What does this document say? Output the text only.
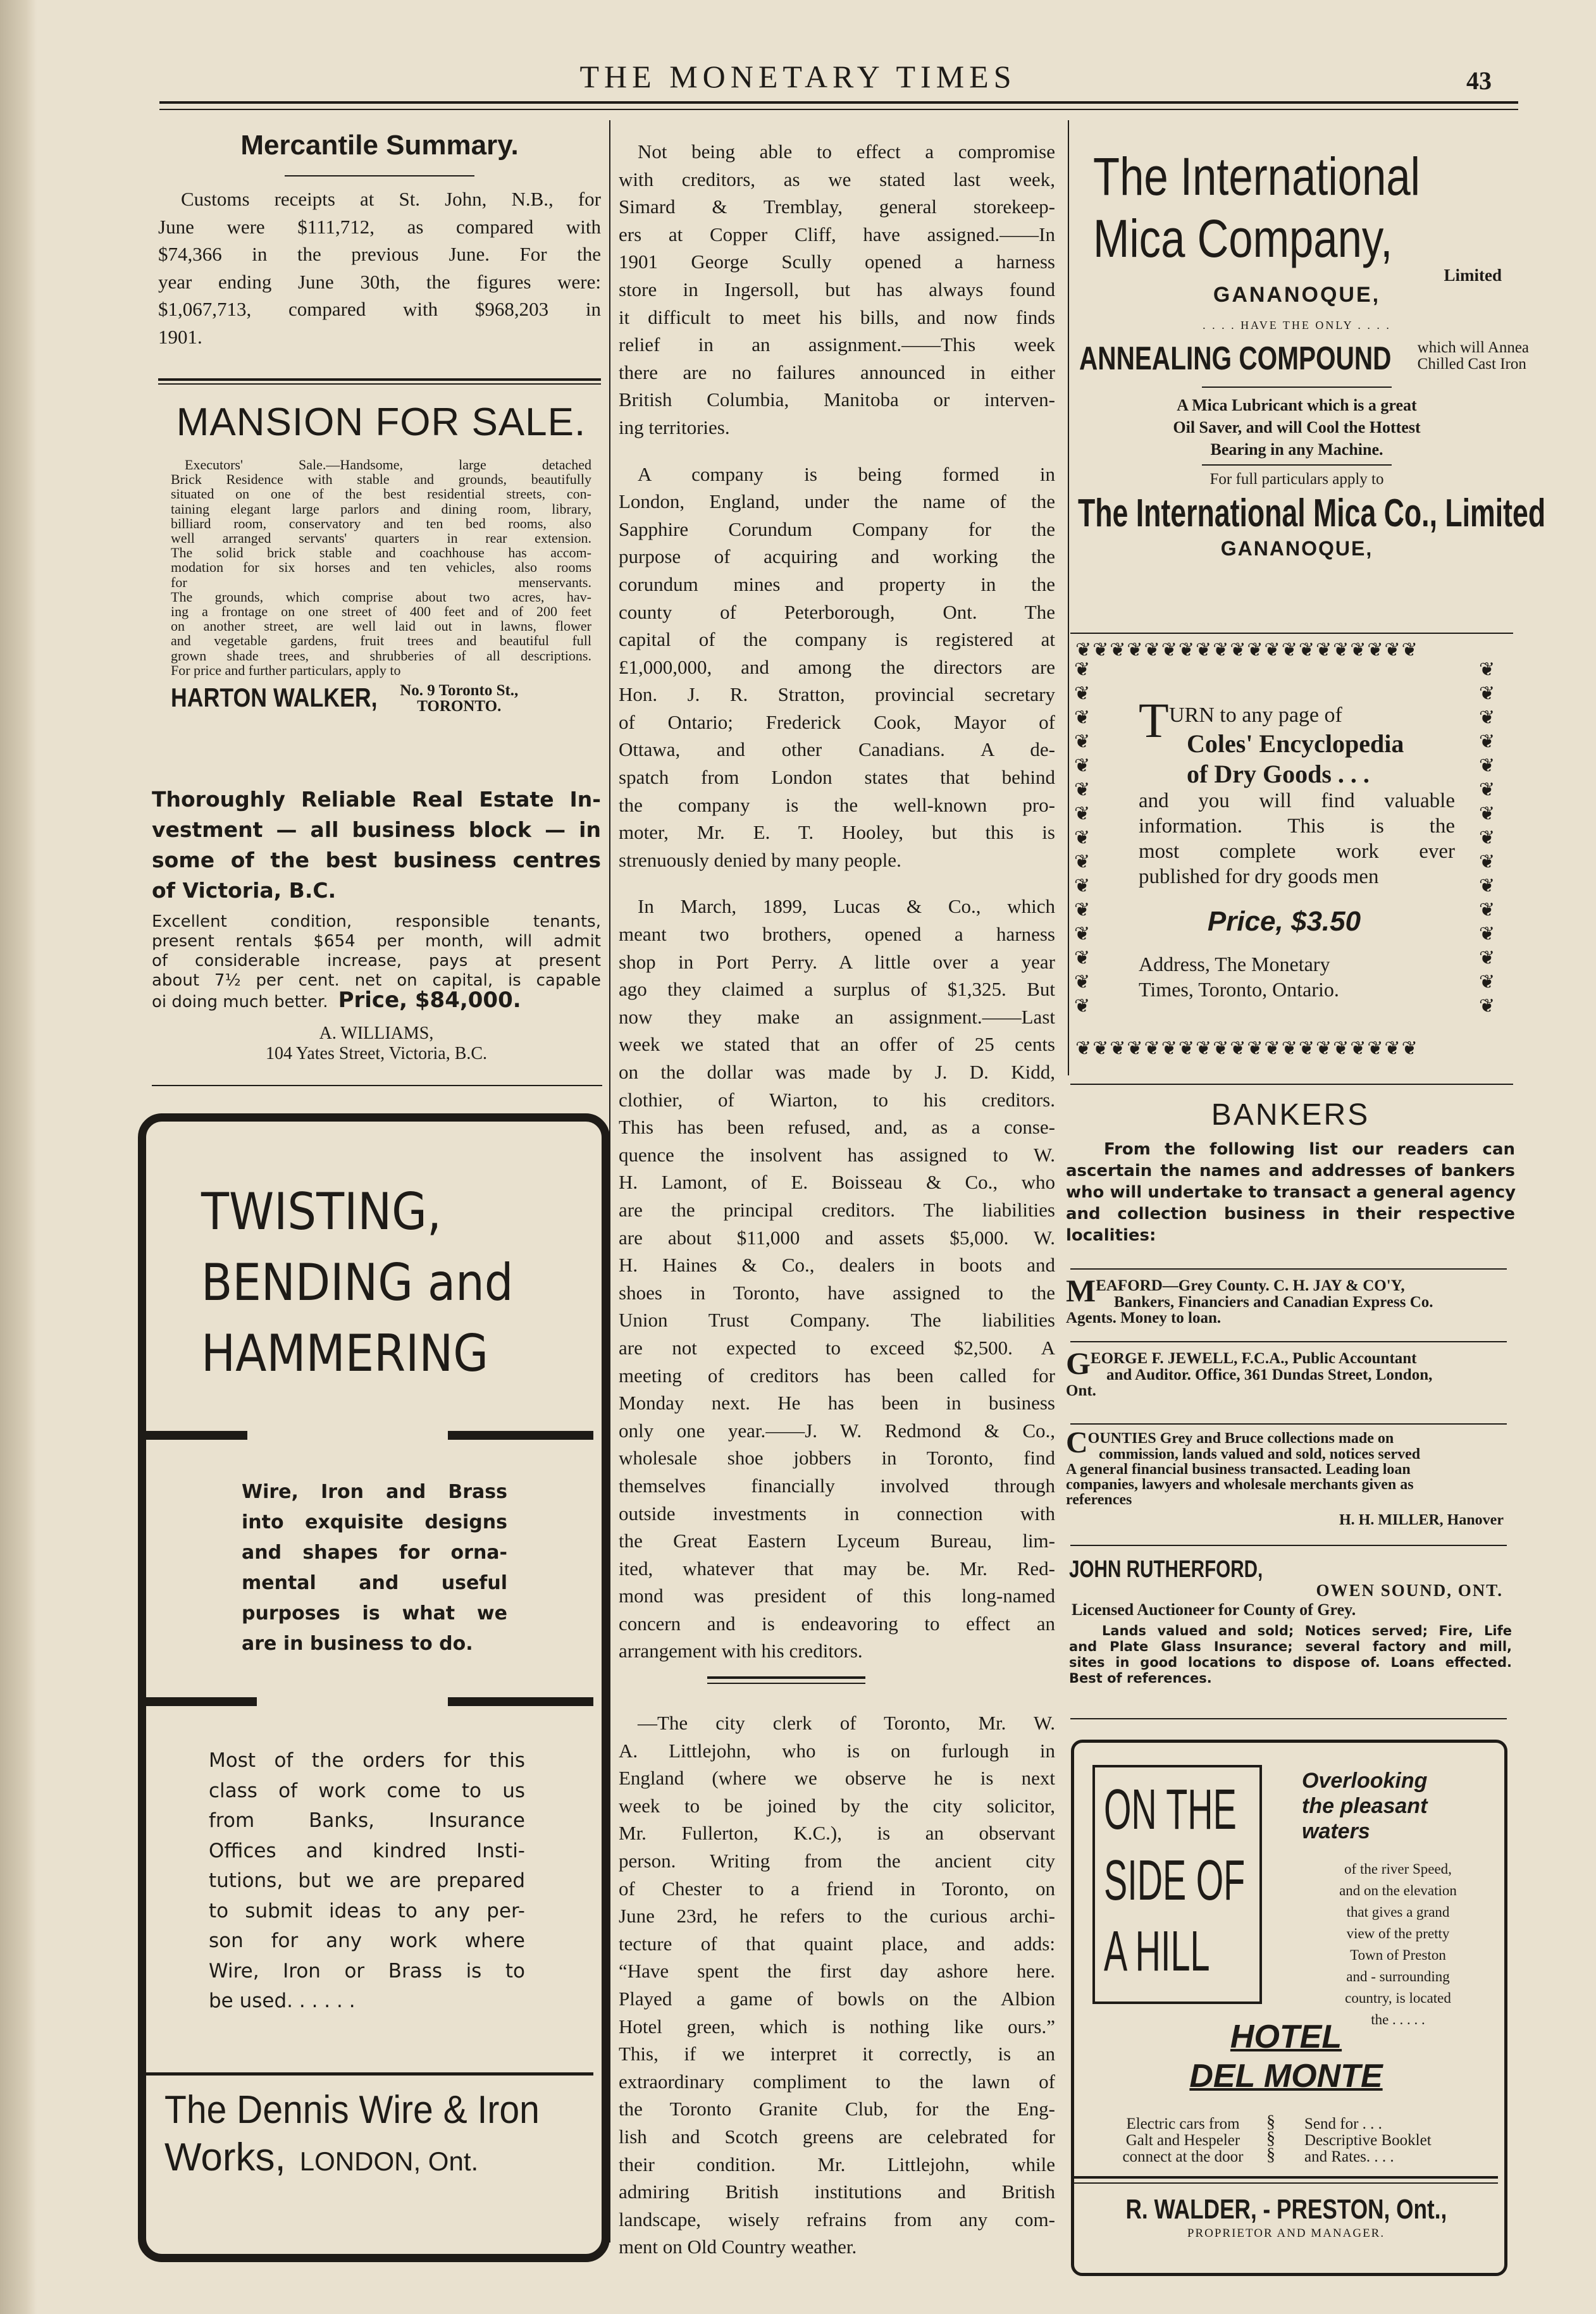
THE MONETARY TIMES	43
Mercantile Summary.
Customs receipts at St. John, N.B., for
June were $111,712, as compared with
$74,366 in the previous June. For the
year ending June 30th, the figures were:
$1,067,713, compared with $968,203 in
1901.
MANSION FOR SALE.
Executors' Sale.—Handsome, large detached
Brick Residence with stable and grounds, beautifully
situated on one of the best residential streets, con-
taining elegant large parlors and dining room, library,
billiard room, conservatory and ten bed rooms, also
well arranged servants' quarters in rear extension.
The solid brick stable and coachhouse has accom-
modation for six horses and ten vehicles, also rooms
for menservants.
The grounds, which comprise about two acres, hav-
ing a frontage on one street of 400 feet and of 200 feet
on another street, are well laid out in lawns, flower
and vegetable gardens, fruit trees and beautiful full
grown shade trees, and shrubberies of all descriptions.
For price and further particulars, apply to
HARTON WALKER, No. 9 Toronto St.,
TORONTO.
Thoroughly Reliable Real Estate In-
vestment — all business block — in
some of the best business centres
of Victoria, B.C.
Excellent condition, responsible tenants,
present rentals $654 per month, will admit
of considerable increase, pays at present
about 7½ per cent. net on capital, is capable
oi doing much better. Price, $84,000.
A. WILLIAMS,
104 Yates Street, Victoria, B.C.
TWISTING,
BENDING and
HAMMERING
Wire, Iron and Brass
into exquisite designs
and shapes for orna-
mental and useful
purposes is what we
are in business to do.
Most of the orders for this
class of work come to us
from Banks, Insurance
Offices and kindred Insti-
tutions, but we are prepared
to submit ideas to any per-
son for any work where
Wire, Iron or Brass is to
be used. . . . . .
The Dennis Wire & Iron
Works, LONDON, Ont.
Not being able to effect a compromise
with creditors, as we stated last week,
Simard & Tremblay, general storekeep-
ers at Copper Cliff, have assigned.——In
1901 George Scully opened a harness
store in Ingersoll, but has always found
it difficult to meet his bills, and now finds
relief in an assignment.——This week
there are no failures announced in either
British Columbia, Manitoba or interven-
ing territories.
A company is being formed in
London, England, under the name of the
Sapphire Corundum Company for the
purpose of acquiring and working the
corundum mines and property in the
county of Peterborough, Ont. The
capital of the company is registered at
£1,000,000, and among the directors are
Hon. J. R. Stratton, provincial secretary
of Ontario; Frederick Cook, Mayor of
Ottawa, and other Canadians. A de-
spatch from London states that behind
the company is the well-known pro-
moter, Mr. E. T. Hooley, but this is
strenuously denied by many people.
In March, 1899, Lucas & Co., which
meant two brothers, opened a harness
shop in Port Perry. A little over a year
ago they claimed a surplus of $1,325. But
now they make an assignment.——Last
week we stated that an offer of 25 cents
on the dollar was made by J. D. Kidd,
clothier, of Wiarton, to his creditors.
This has been refused, and, as a conse-
quence the insolvent has assigned to W.
H. Lamont, of E. Boisseau & Co., who
are the principal creditors. The liabilities
are about $11,000 and assets $5,000. W.
H. Haines & Co., dealers in boots and
shoes in Toronto, have assigned to the
Union Trust Company. The liabilities
are not expected to exceed $2,500. A
meeting of creditors has been called for
Monday next. He has been in business
only one year.——J. W. Redmond & Co.,
wholesale shoe jobbers in Toronto, find
themselves financially involved through
outside investments in connection with
the Great Eastern Lyceum Bureau, lim-
ited, whatever that may be. Mr. Red-
mond was president of this long-named
concern and is endeavoring to effect an
arrangement with his creditors.
—The city clerk of Toronto, Mr. W.
A. Littlejohn, who is on furlough in
England (where we observe he is next
week to be joined by the city solicitor,
Mr. Fullerton, K.C.), is an observant
person. Writing from the ancient city
of Chester to a friend in Toronto, on
June 23rd, he refers to the curious archi-
tecture of that quaint place, and adds:
“Have spent the first day ashore here.
Played a game of bowls on the Albion
Hotel green, which is nothing like ours.”
This, if we interpret it correctly, is an
extraordinary compliment to the lawn of
the Toronto Granite Club, for the Eng-
lish and Scotch greens are celebrated for
their condition. Mr. Littlejohn, while
admiring British institutions and British
landscape, wisely refrains from any com-
ment on Old Country weather.
The International
Mica Company,
Limited
GANANOQUE,
. . . . HAVE THE ONLY . . . .
ANNEALING COMPOUND which will Annea
Chilled Cast Iron
A Mica Lubricant which is a great
Oil Saver, and will Cool the Hottest
Bearing in any Machine.
For full particulars apply to
The International Mica Co., Limited
GANANOQUE,
❦❦❦❦❦❦❦❦❦❦❦❦❦❦❦❦❦❦❦❦
❦❦❦❦❦❦❦❦❦❦❦❦❦❦❦❦❦❦❦❦
❦
❦
❦
❦
❦
❦
❦
❦
❦
❦
❦
❦
❦
❦
❦
❦
❦
❦
❦
❦
❦
❦
❦
❦
❦
❦
❦
❦
❦
❦
T URN to any page of
Coles' Encyclopedia
of Dry Goods . . .
and you will find valuable
information. This is the
most complete work ever
published for dry goods men
Price, $3.50
Address, The Monetary
Times, Toronto, Ontario.
BANKERS
From the following list our readers can
ascertain the names and addresses of bankers
who will undertake to transact a general agency
and collection business in their respective
localities:
MEAFORD—Grey County. C. H. JAY & CO'Y,
Bankers, Financiers and Canadian Express Co.
Agents. Money to loan.
GEORGE F. JEWELL, F.C.A., Public Accountant
and Auditor. Office, 361 Dundas Street, London,
Ont.
COUNTIES Grey and Bruce collections made on
commission, lands valued and sold, notices served
A general financial business transacted. Leading loan
companies, lawyers and wholesale merchants given as
references
H. H. MILLER, Hanover
JOHN RUTHERFORD,
OWEN SOUND, ONT.
Licensed Auctioneer for County of Grey.
Lands valued and sold; Notices served; Fire, Life
and Plate Glass Insurance; several factory and mill,
sites in good locations to dispose of. Loans effected.
Best of references.
ON THE
SIDE OF
A HILL
Overlooking
the pleasant
waters
of the river Speed,
and on the elevation
that gives a grand
view of the pretty
Town of Preston
and - surrounding
country, is located
the . . . . .
HOTEL
DEL MONTE
Electric cars from
Galt and Hespeler
connect at the door
§
§
§
Send for . . .
Descriptive Booklet
and Rates. . . .
R. WALDER, - PRESTON, Ont.,
PROPRIETOR AND MANAGER.
